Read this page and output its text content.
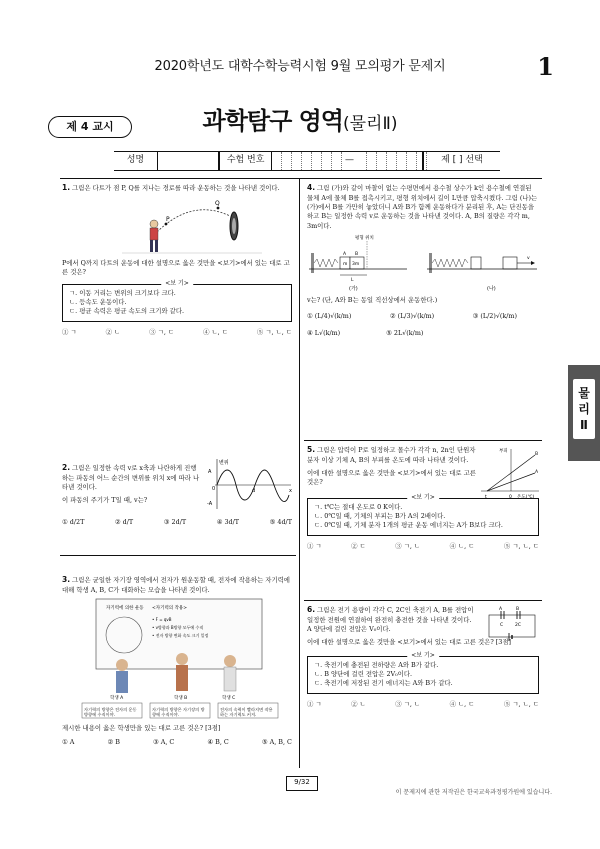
2020학년도 대학수학능력시험 9월 모의평가 문제지	1
제 4 교시	과학탐구 영역(물리Ⅱ)
성명	수험 번호	—	제 [ ] 선택
1. 그림은 다트가 점 P, Q를 지나는 경로를 따라 운동하는 것을 나타낸 것이다.
P
Q
P에서 Q까지 다트의 운동에 대한 설명으로 옳은 것만을 <보기>에서 있는 대로 고른 것은?
<보 기>
ㄱ. 이동 거리는 변위의 크기보다 크다.
ㄴ. 등속도 운동이다.
ㄷ. 평균 속력은 평균 속도의 크기와 같다.
① ㄱ	② ㄴ	③ ㄱ, ㄷ	④ ㄴ, ㄷ	⑤ ㄱ, ㄴ, ㄷ
2. 그림은 일정한 속력 v로 x축과 나란하게 진행하는 파동의 어느 순간의 변위를 위치 x에 따라 나타낸 것이다.
이 파동의 주기가 T일 때, v는?
변위
x
0	d
A
-A
① d/2T	② d/T	③ 2d/T	④ 3d/T	⑤ 4d/T
3. 그림은 균일한 자기장 영역에서 전자가 원운동할 때, 전자에 작용하는 자기력에 대해 학생 A, B, C가 대화하는 모습을 나타낸 것이다.
자기력에 의한 운동 <자기력의 작용>
• F = qvB
• v방향과 B방향 모두에 수직
• 전자 방향 변화 속도 크기 일정
학생 A	학생 B	학생 C
자기력의 방향은 전자의 운동 방향에 수직이야.
자기력의 방향은 자기장의 방향에 수직이야.
전자의 속력이 빨라지면 작용하는 자기력도 커져.
제시한 내용이 옳은 학생만을 있는 대로 고른 것은? [3점]
① A	② B	③ A, C	④ B, C	⑤ A, B, C
4. 그림 (가)와 같이 마찰이 없는 수평면에서 용수철 상수가 k인 용수철에 연결된 물체 A에 물체 B를 접촉시키고, 평형 위치에서 길이 L만큼 압축시켰다. 그림 (나)는 (가)에서 B를 가만히 놓았더니 A와 B가 함께 운동하다가 분리된 후, A는 단진동을 하고 B는 일정한 속력 v로 운동하는 것을 나타낸 것이다. A, B의 질량은 각각 m, 3m이다.
평형 위치
m 3m
A B
L
(가)
v
(나)
v는? (단, A와 B는 동일 직선상에서 운동한다.)
① (L/4)√(k/m)	② (L/3)√(k/m)	③ (L/2)√(k/m)
④ L√(k/m)	⑤ 2L√(k/m)
5. 그림은 압력이 P로 일정하고 몰수가 각각 n, 2n인 단원자 분자 이상 기체 A, B의 부피를 온도에 따라 나타낸 것이다.
이에 대한 설명으로 옳은 것만을 <보기>에서 있는 대로 고른 것은?
부피
온도(℃)
t	0
B
A
<보 기>
ㄱ. t℃는 절대 온도로 0 K이다.
ㄴ. 0℃일 때, 기체의 부피는 B가 A의 2배이다.
ㄷ. 0℃일 때, 기체 분자 1개의 평균 운동 에너지는 A가 B보다 크다.
① ㄱ	② ㄷ	③ ㄱ, ㄴ	④ ㄴ, ㄷ	⑤ ㄱ, ㄴ, ㄷ
6. 그림은 전기 용량이 각각 C, 2C인 축전기 A, B를 전압이 일정한 전원에 연결하여 완전히 충전한 것을 나타낸 것이다. A 양단에 걸린 전압은 V₀이다.
A	B
C	2C
이에 대한 설명으로 옳은 것만을 <보기>에서 있는 대로 고른 것은? [3점]
<보 기>
ㄱ. 축전기에 충전된 전하량은 A와 B가 같다.
ㄴ. B 양단에 걸린 전압은 2V₀이다.
ㄷ. 축전기에 저장된 전기 에너지는 A와 B가 같다.
① ㄱ	② ㄴ	③ ㄱ, ㄴ	④ ㄴ, ㄷ	⑤ ㄱ, ㄴ, ㄷ
물
리
Ⅱ
9/32
이 문제지에 관한 저작권은 한국교육과정평가원에 있습니다.
